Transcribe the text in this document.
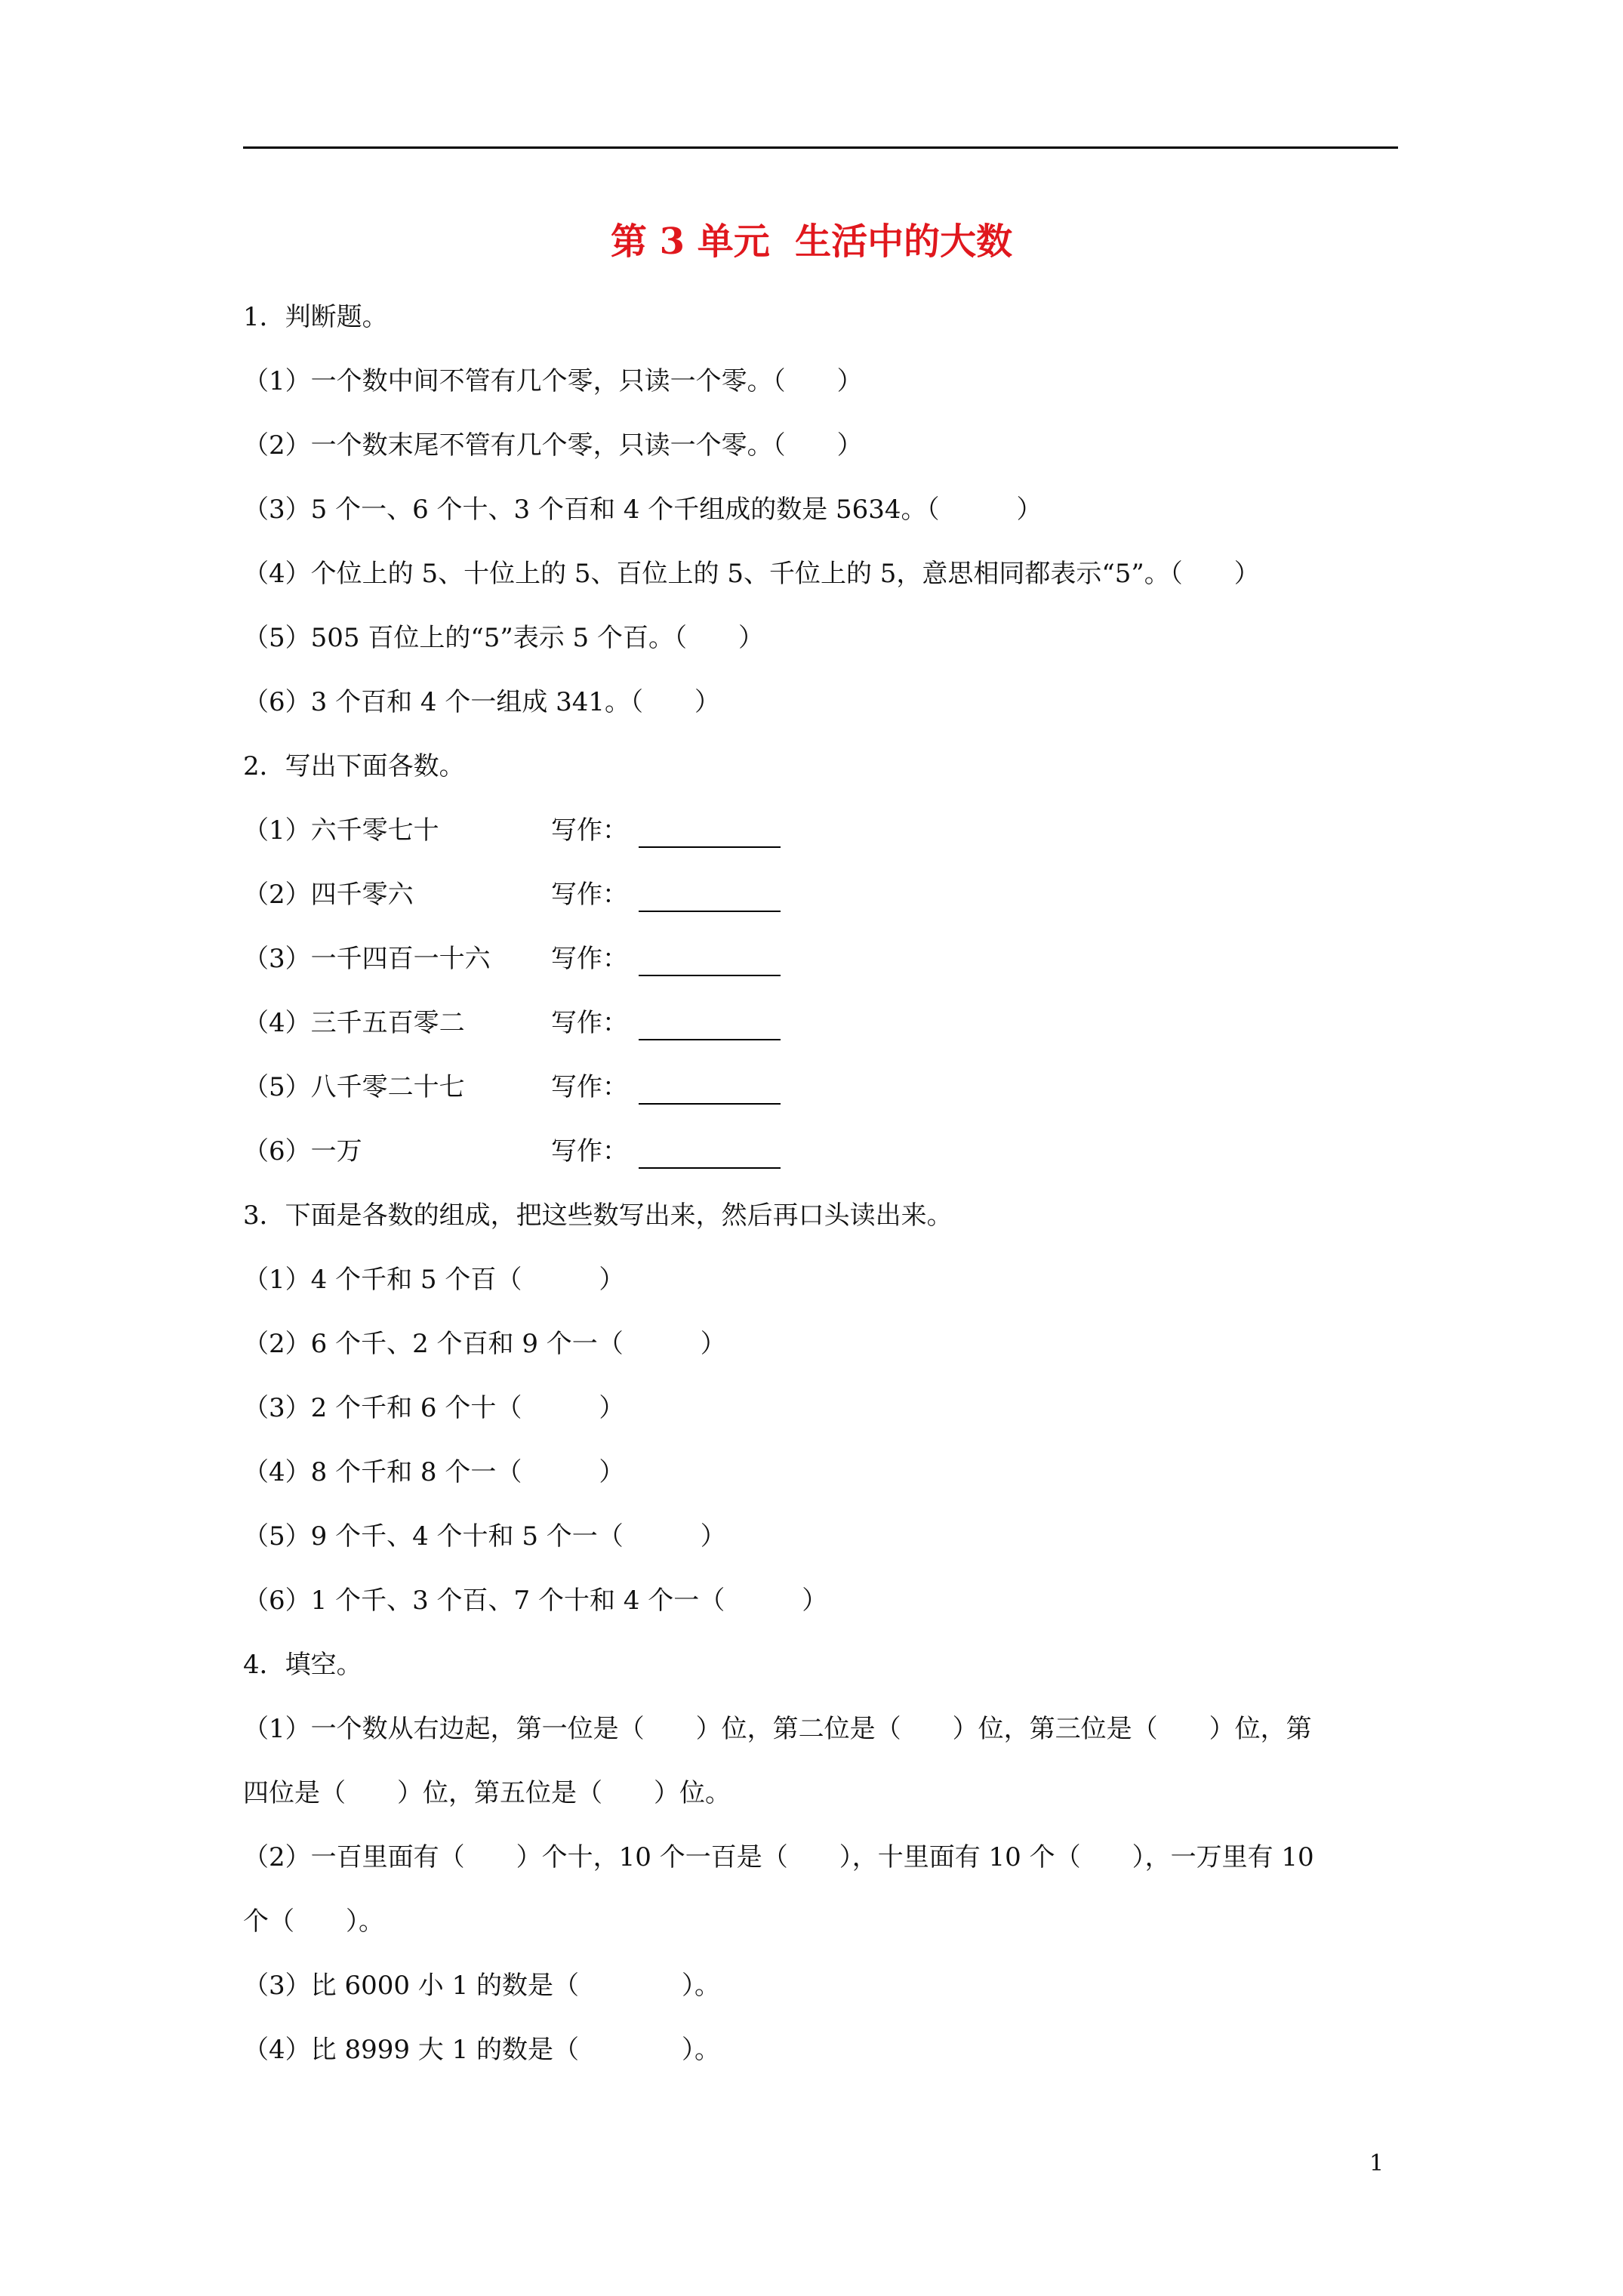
第 3 单元  生活中的大数
1．判断题。
（1）一个数中间不管有几个零，只读一个零。（　　）
（2）一个数末尾不管有几个零，只读一个零。（　　）
（3）5 个一、6 个十、3 个百和 4 个千组成的数是 5634。（　　　）
（4）个位上的 5、十位上的 5、百位上的 5、千位上的 5，意思相同都表示“5”。（　　）
（5）505 百位上的“5”表示 5 个百。（　　）
（6）3 个百和 4 个一组成 341。（　　）
2．写出下面各数。
（1）六千零七十	写作：
（2）四千零六	写作：
（3）一千四百一十六 写作：
（4）三千五百零二	写作：
（5）八千零二十七	写作：
（6）一万	写作：
3．下面是各数的组成，把这些数写出来，然后再口头读出来。
（1）4 个千和 5 个百（　　　）
（2）6 个千、2 个百和 9 个一（　　　）
（3）2 个千和 6 个十（　　　）
（4）8 个千和 8 个一（　　　）
（5）9 个千、4 个十和 5 个一（　　　）
（6）1 个千、3 个百、7 个十和 4 个一（　　　）
4．填空。
（1）一个数从右边起，第一位是（　　）位，第二位是（　　）位，第三位是（　　）位，第
四位是（　　）位，第五位是（　　）位。
（2）一百里面有（　　）个十，10 个一百是（　　），十里面有 10 个（　　），一万里有 10
个（　　）。
（3）比 6000 小 1 的数是（　　　　）。
（4）比 8999 大 1 的数是（　　　　）。
1
